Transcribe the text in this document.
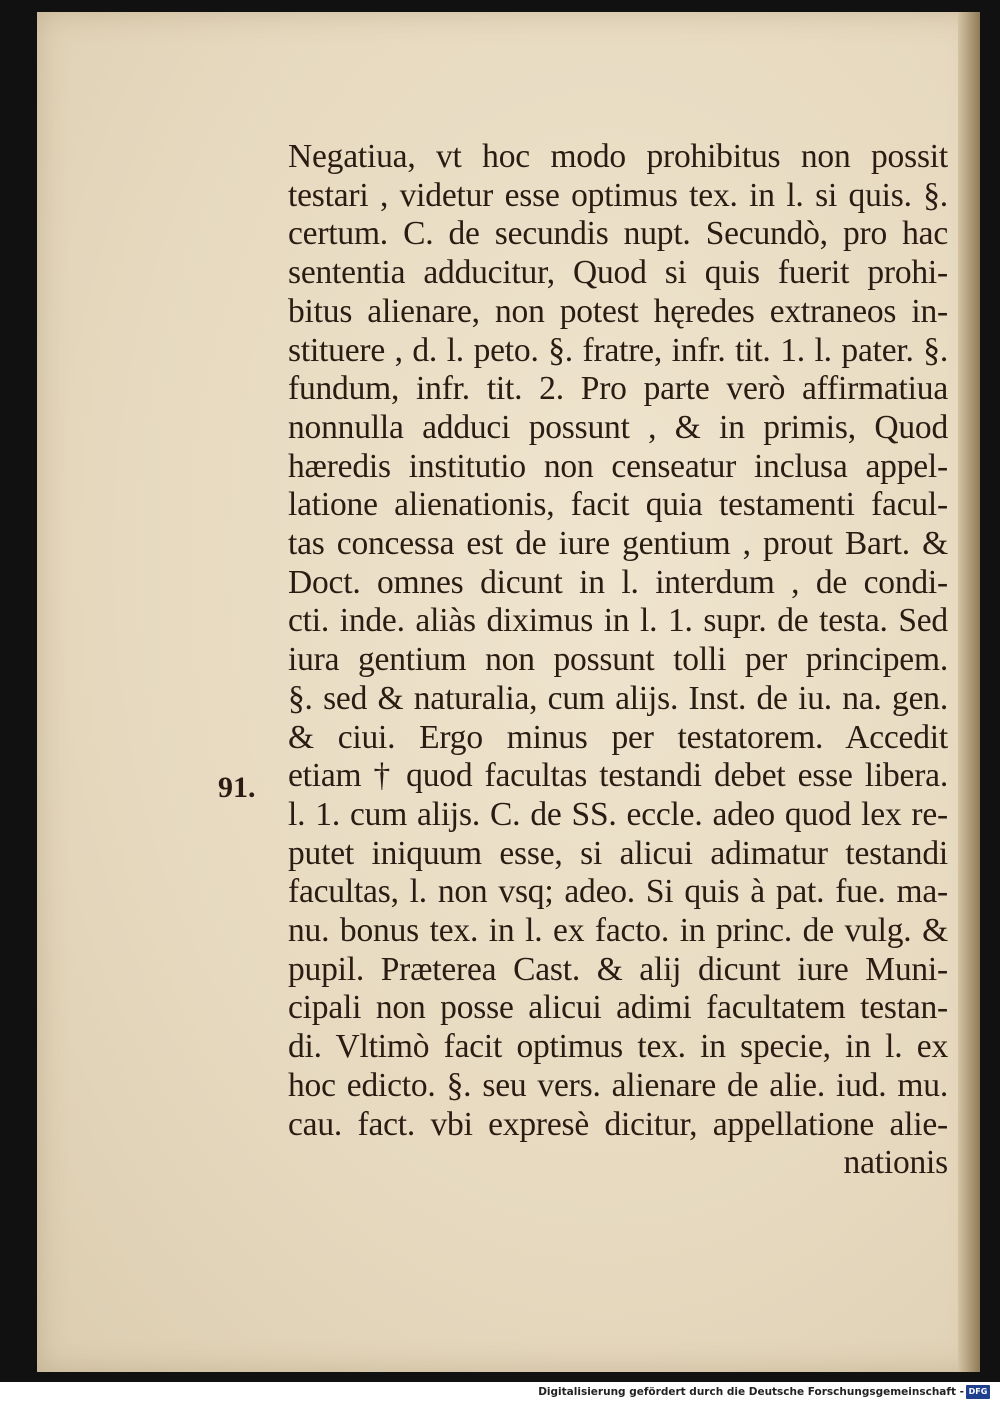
91.
Negatiua, vt hoc modo prohibitus non possit
testari , videtur esse optimus tex. in l. si quis. §.
certum. C. de secundis nupt. Secundò, pro hac
sententia adducitur, Quod si quis fuerit prohi-
bitus alienare, non potest hęredes extraneos in-
stituere , d. l. peto. §. fratre, infr. tit. 1. l. pater. §.
fundum, infr. tit. 2. Pro parte verò affirmatiua
nonnulla adduci possunt , & in primis, Quod
hæredis institutio non censeatur inclusa appel-
latione alienationis, facit quia testamenti facul-
tas concessa est de iure gentium , prout Bart. &
Doct. omnes dicunt in l. interdum , de condi-
cti. inde. aliàs diximus in l. 1. supr. de testa. Sed
iura gentium non possunt tolli per principem.
§. sed & naturalia, cum alijs. Inst. de iu. na. gen.
& ciui. Ergo minus per testatorem. Accedit
etiam † quod facultas testandi debet esse libera.
l. 1. cum alijs. C. de SS. eccle. adeo quod lex re-
putet iniquum esse, si alicui adimatur testandi
facultas, l. non vsq; adeo. Si quis à pat. fue. ma-
nu. bonus tex. in l. ex facto. in princ. de vulg. &
pupil. Præterea Cast. & alij dicunt iure Muni-
cipali non posse alicui adimi facultatem testan-
di. Vltimò facit optimus tex. in specie, in l. ex
hoc edicto. §. seu vers. alienare de alie. iud. mu.
cau. fact. vbi expresè dicitur, appellatione alie-
nationis
Digitalisierung gefördert durch die Deutsche Forschungsgemeinschaft - DFG
